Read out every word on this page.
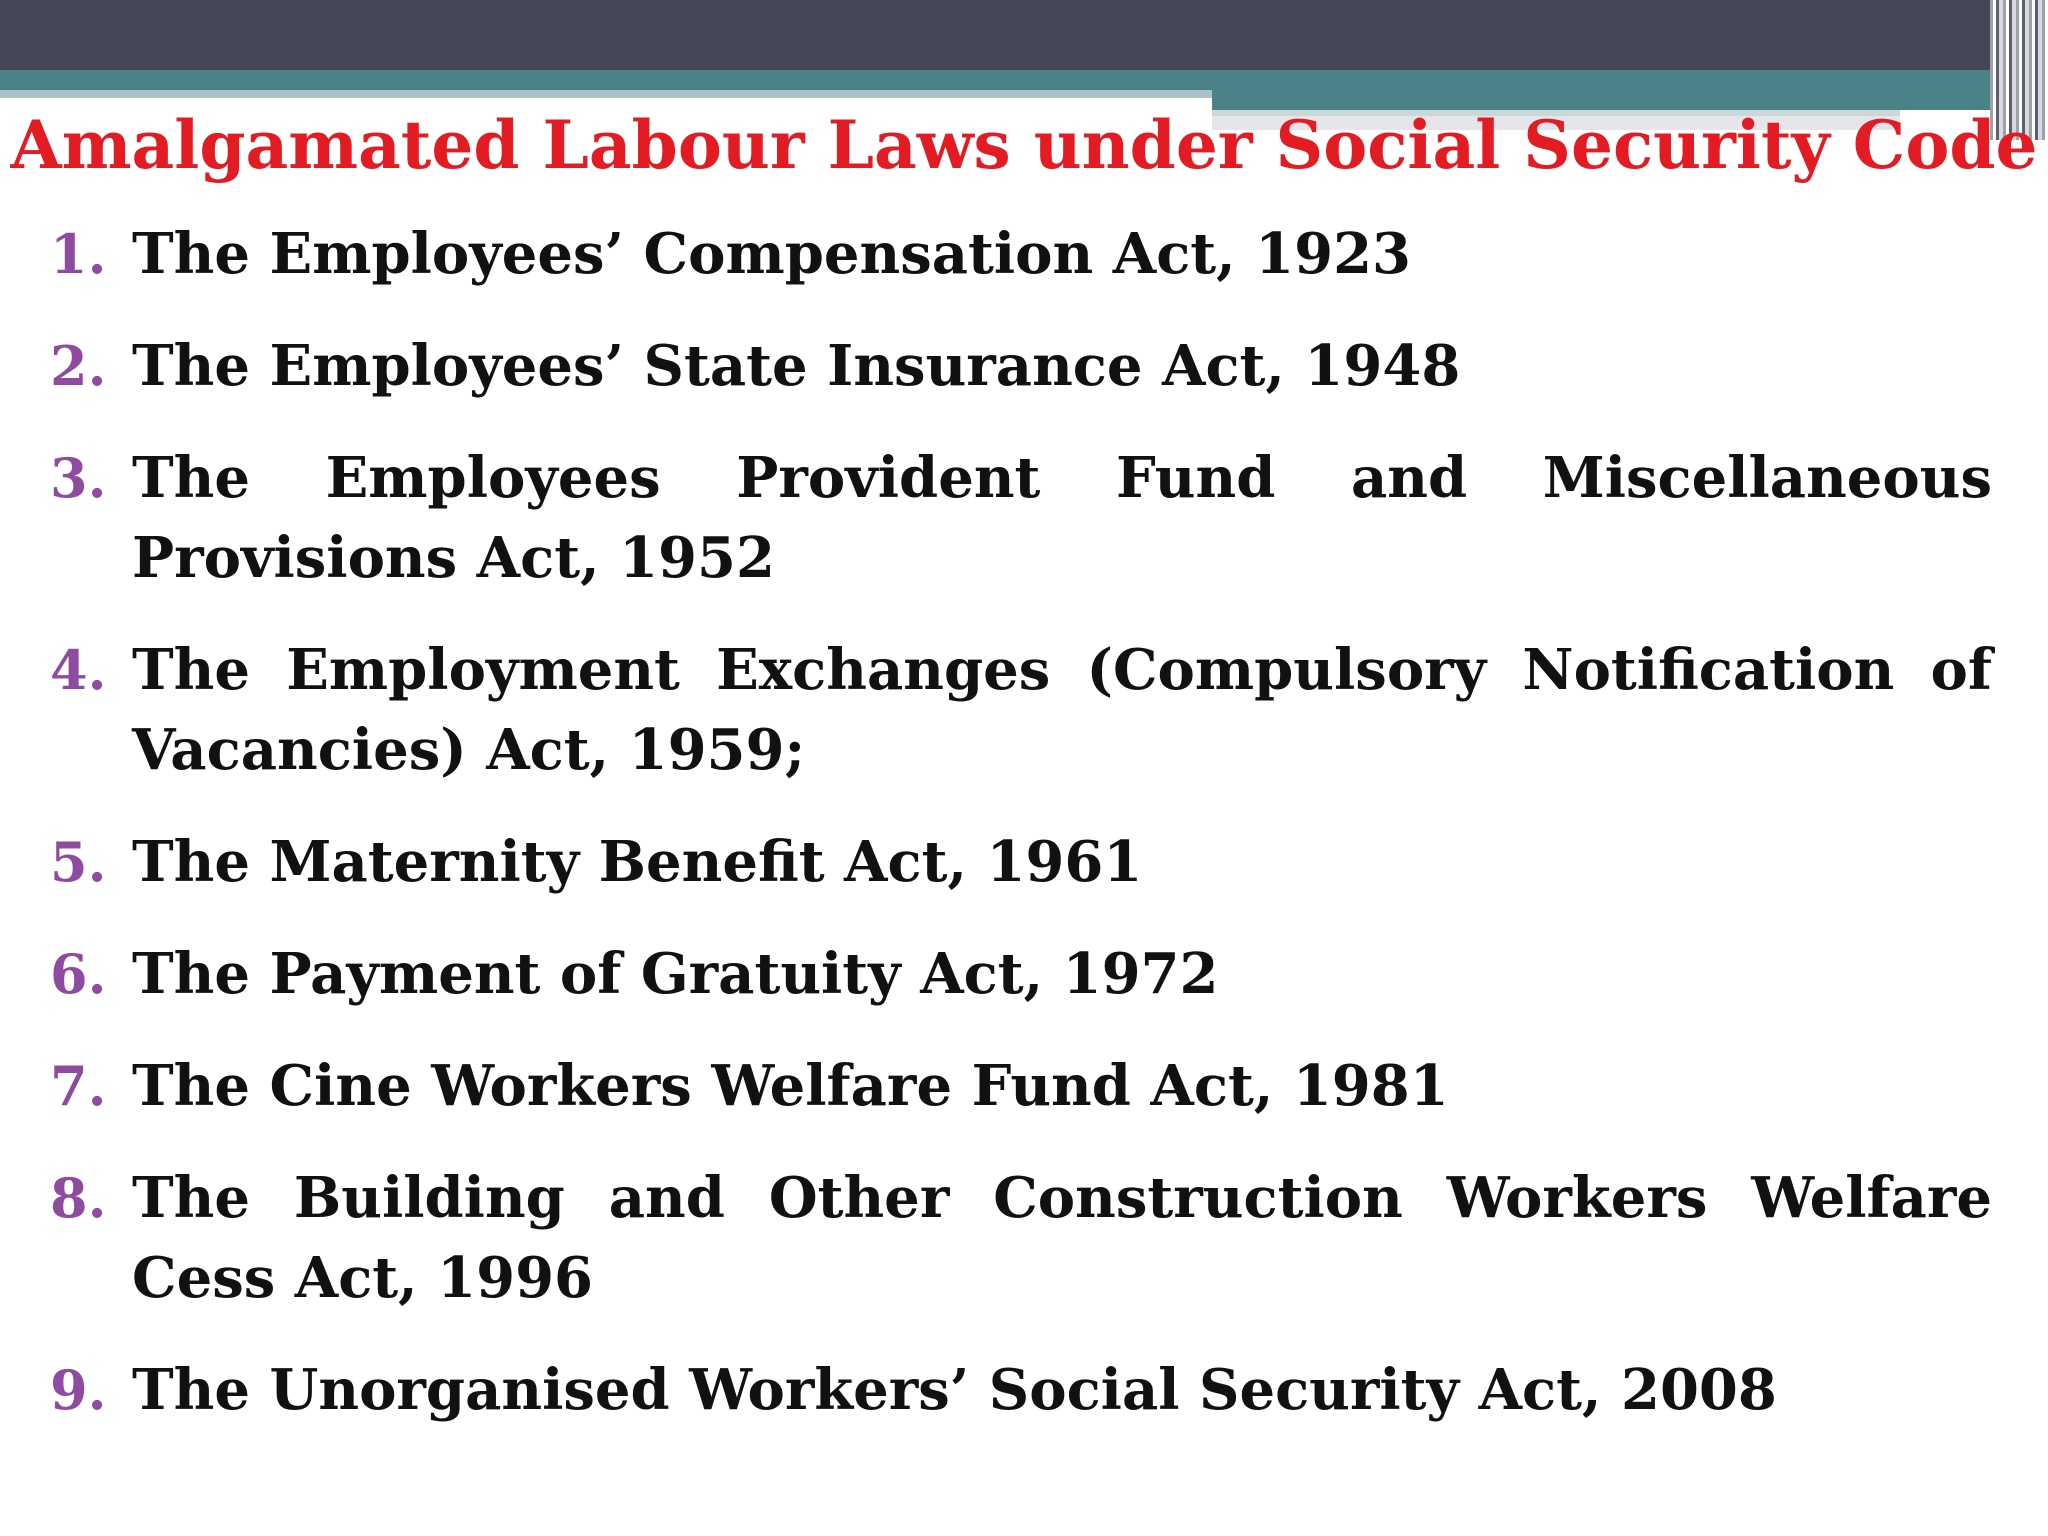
Amalgamated Labour Laws under Social Security Code
1. The Employees’ Compensation Act, 1923
2. The Employees’ State Insurance Act, 1948
3. The Employees Provident Fund and Miscellaneous Provisions Act, 1952
4. The Employment Exchanges (Compulsory Notification of Vacancies) Act, 1959;
5. The Maternity Benefit Act, 1961
6. The Payment of Gratuity Act, 1972
7. The Cine Workers Welfare Fund Act, 1981
8. The Building and Other Construction Workers Welfare Cess Act, 1996
9. The Unorganised Workers’ Social Security Act, 2008
